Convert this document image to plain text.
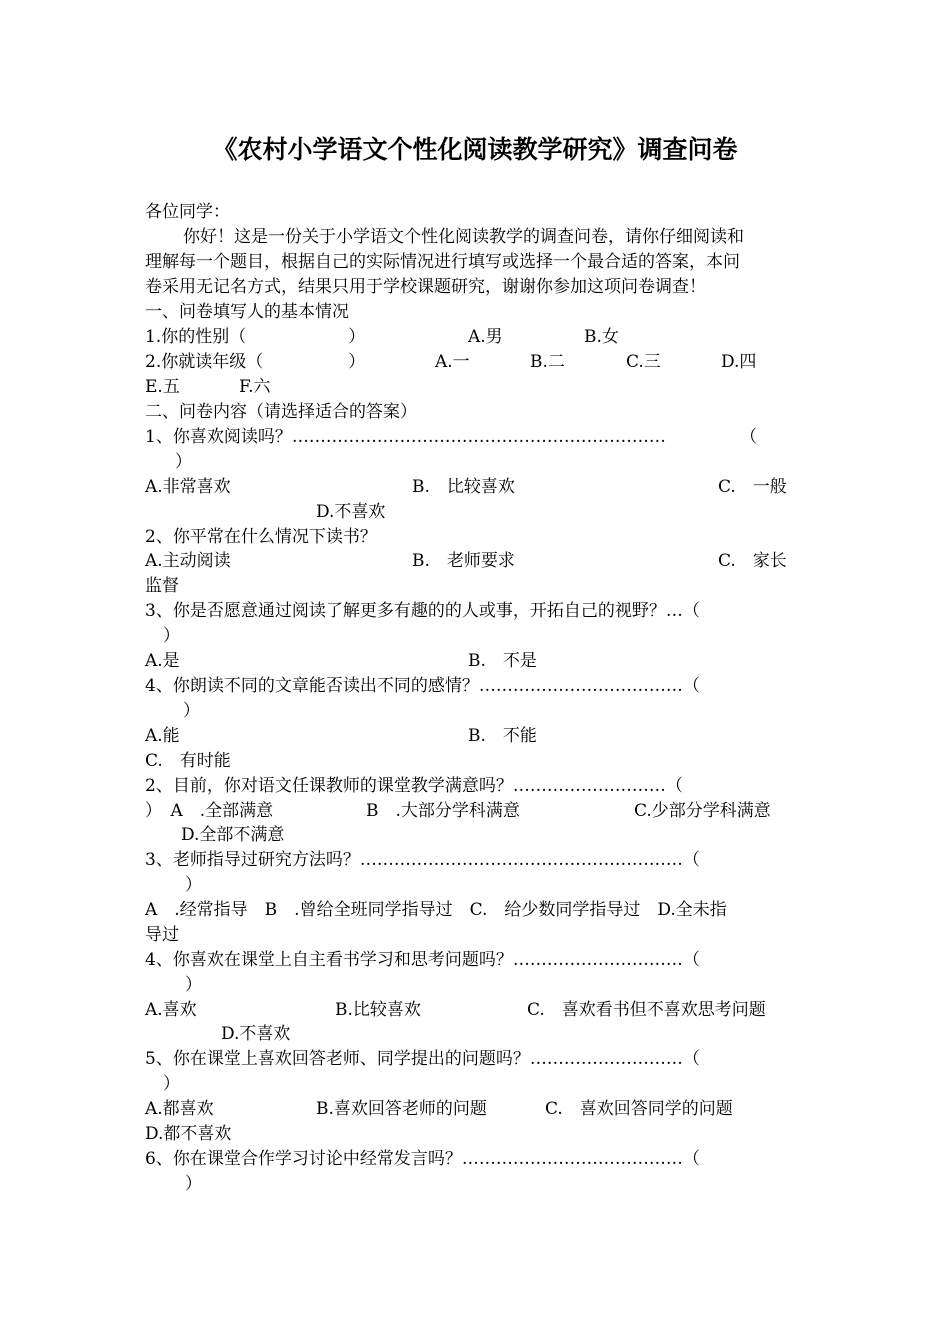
《农村小学语文个性化阅读教学研究》调查问卷
各位同学：
你好！这是一份关于小学语文个性化阅读教学的调查问卷，请你仔细阅读和
理解每一个题目，根据自己的实际情况进行填写或选择一个最合适的答案，本问
卷采用无记名方式，结果只用于学校课题研究，谢谢你参加这项问卷调查！
一、问卷填写人的基本情况
1.你的性别（　　　　　　）	A.男	B.女
2.你就读年级（　　　　　）	A.一	B.二	C.三	D.四
E.五	F.六
二、问卷内容（请选择适合的答案）
1、你喜欢阅读吗？…………………………………………………………	（
）
A.非常喜欢	B.　比较喜欢	C.　一般
D.不喜欢
2、你平常在什么情况下读书？
A.主动阅读	B.　老师要求	C.　家长
监督
3、你是否愿意通过阅读了解更多有趣的的人或事，开拓自己的视野？…（
）
A.是	B.　不是
4、你朗读不同的文章能否读出不同的感情？………………………………（
）
A.能	B.　不能
C.　有时能
2、目前，你对语文任课教师的课堂教学满意吗？………………………（
）　A　.全部满意	B　.大部分学科满意	C.少部分学科满意
D.全部不满意
3、老师指导过研究方法吗？…………………………………………………（
）
A　.经常指导　B　.曾给全班同学指导过　C.　给少数同学指导过　D.全未指
导过
4、你喜欢在课堂上自主看书学习和思考问题吗？…………………………（
）
A.喜欢	B.比较喜欢	C.　喜欢看书但不喜欢思考问题
D.不喜欢
5、你在课堂上喜欢回答老师、同学提出的问题吗？………………………（
）
A.都喜欢	B.喜欢回答老师的问题	C.　喜欢回答同学的问题
D.都不喜欢
6、你在课堂合作学习讨论中经常发言吗？…………………………………（
）
